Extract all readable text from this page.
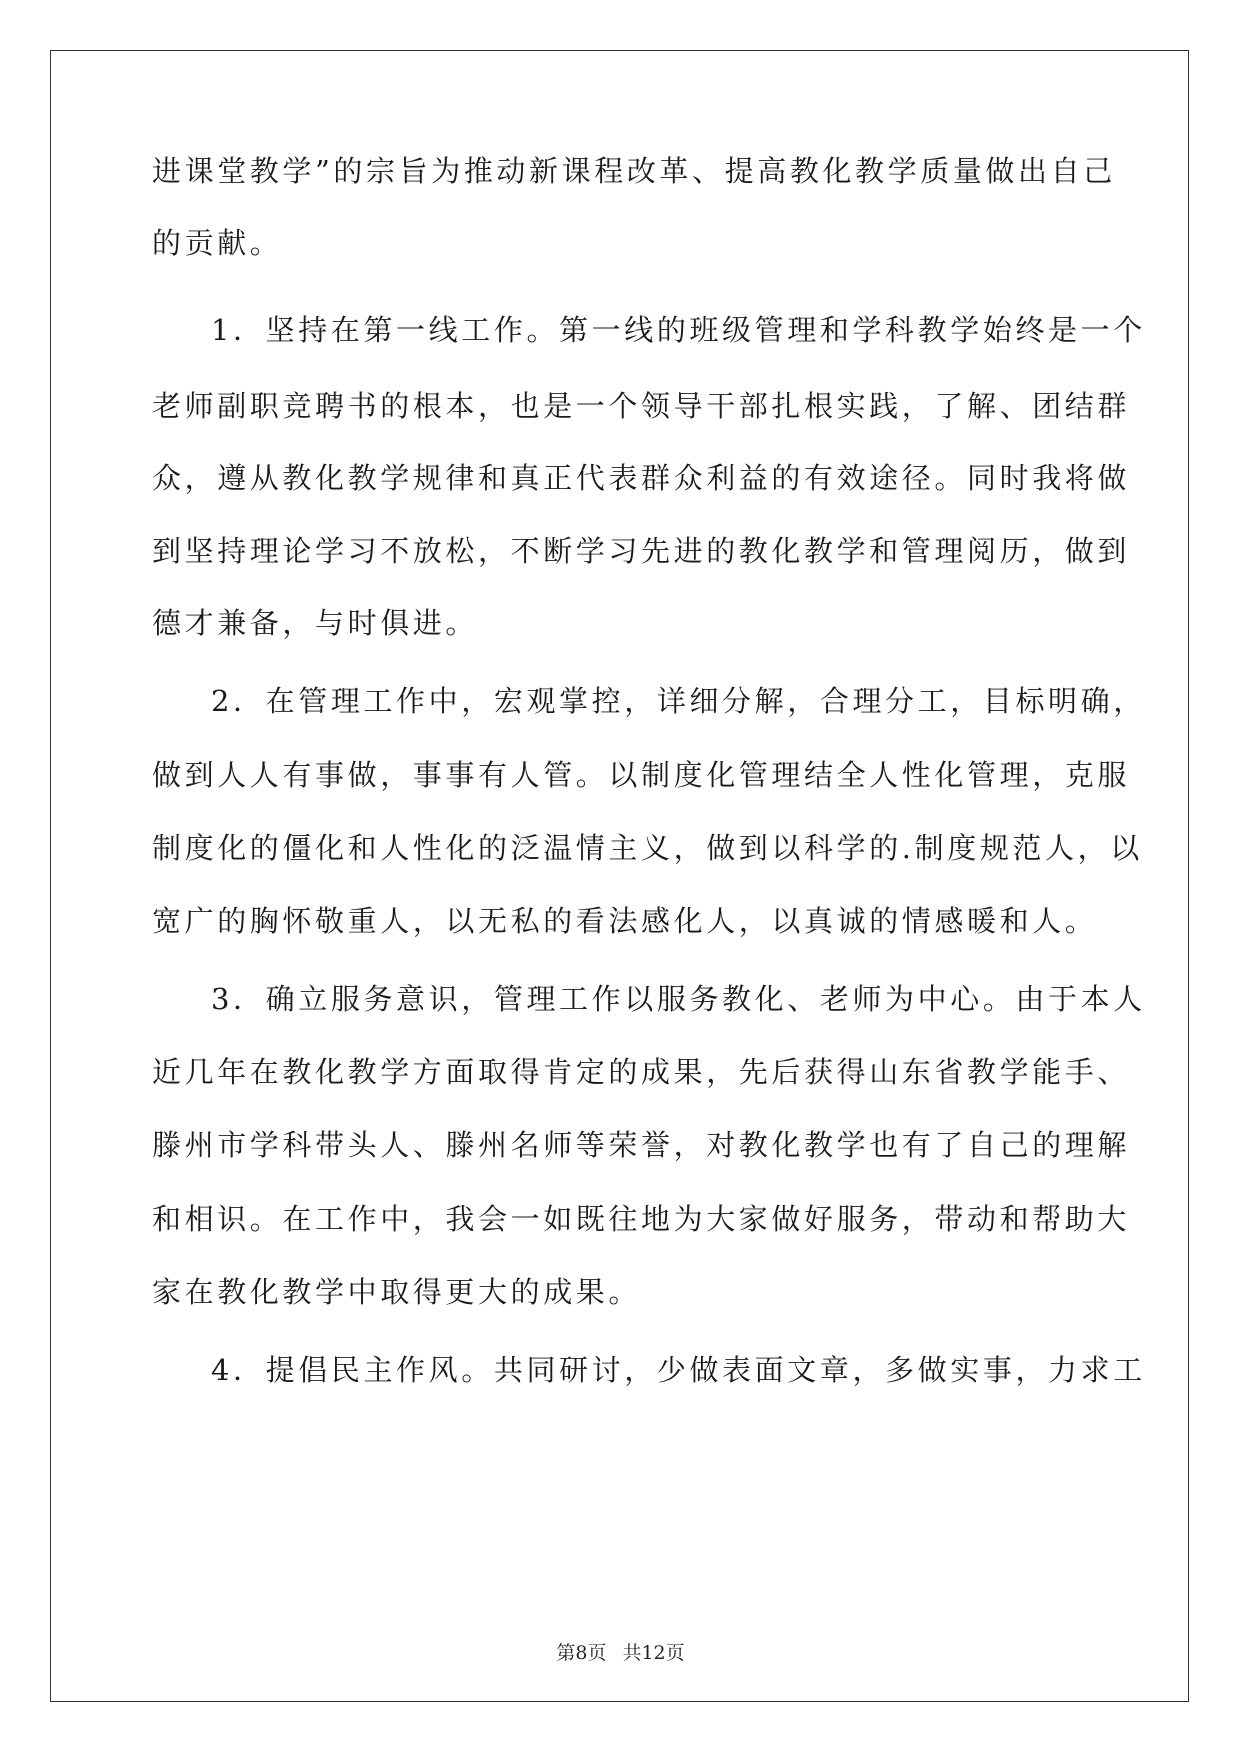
进课堂教学”的宗旨为推动新课程改革、提高教化教学质量做出自己
的贡献。
1．坚持在第一线工作。第一线的班级管理和学科教学始终是一个
老师副职竞聘书的根本，也是一个领导干部扎根实践，了解、团结群
众，遵从教化教学规律和真正代表群众利益的有效途径。同时我将做
到坚持理论学习不放松，不断学习先进的教化教学和管理阅历，做到
德才兼备，与时俱进。
2．在管理工作中，宏观掌控，详细分解，合理分工，目标明确，
做到人人有事做，事事有人管。以制度化管理结全人性化管理，克服
制度化的僵化和人性化的泛温情主义，做到以科学的.制度规范人，以
宽广的胸怀敬重人，以无私的看法感化人，以真诚的情感暖和人。
3．确立服务意识，管理工作以服务教化、老师为中心。由于本人
近几年在教化教学方面取得肯定的成果，先后获得山东省教学能手、
滕州市学科带头人、滕州名师等荣誉，对教化教学也有了自己的理解
和相识。在工作中，我会一如既往地为大家做好服务，带动和帮助大
家在教化教学中取得更大的成果。
4．提倡民主作风。共同研讨，少做表面文章，多做实事，力求工
第8页 共12页
